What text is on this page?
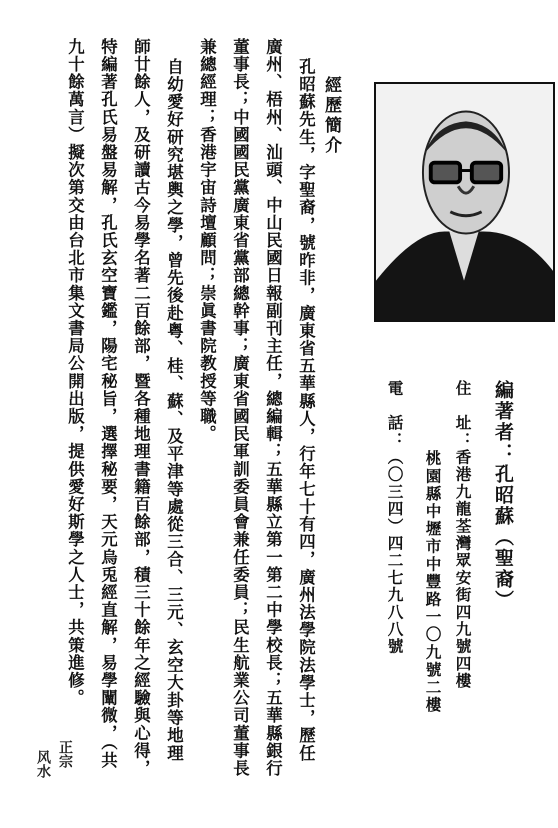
編著者：孔昭蘇（聖裔）
住　址：香港九龍荃灣眾安街四九號四樓
桃園縣中壢市中豐路一〇九號二樓
電　話：（〇三四）四二七九八八號
經歷簡介
孔昭蘇先生，字聖裔，號昨非，廣東省五華縣人，行年七十有四，廣州法學院法學士，歷任
廣州、梧州、汕頭、中山民國日報副刊主任，總編輯；五華縣立第一第二中學校長；五華縣銀行
董事長；中國國民黨廣東省黨部總幹事；廣東省國民軍訓委員會兼任委員；民生航業公司董事長
兼總經理；香港宇宙詩壇顧問；崇眞書院教授等職。
自幼愛好研究堪輿之學，曾先後赴粤、桂、蘇、及平津等處從三合、三元、玄空大卦等地理
師廿餘人，及研讀古今易學名著二百餘部，暨各種地理書籍百餘部，積三十餘年之經驗與心得，
特編著孔氏易盤易解，孔氏玄空寶鑑，陽宅秘旨，選擇秘要，天元烏兎經直解，易學闡微，（共
九十餘萬言）擬次第交由台北市集文書局公開出版，提供愛好斯學之人士，共策進修。
正宗
风水
